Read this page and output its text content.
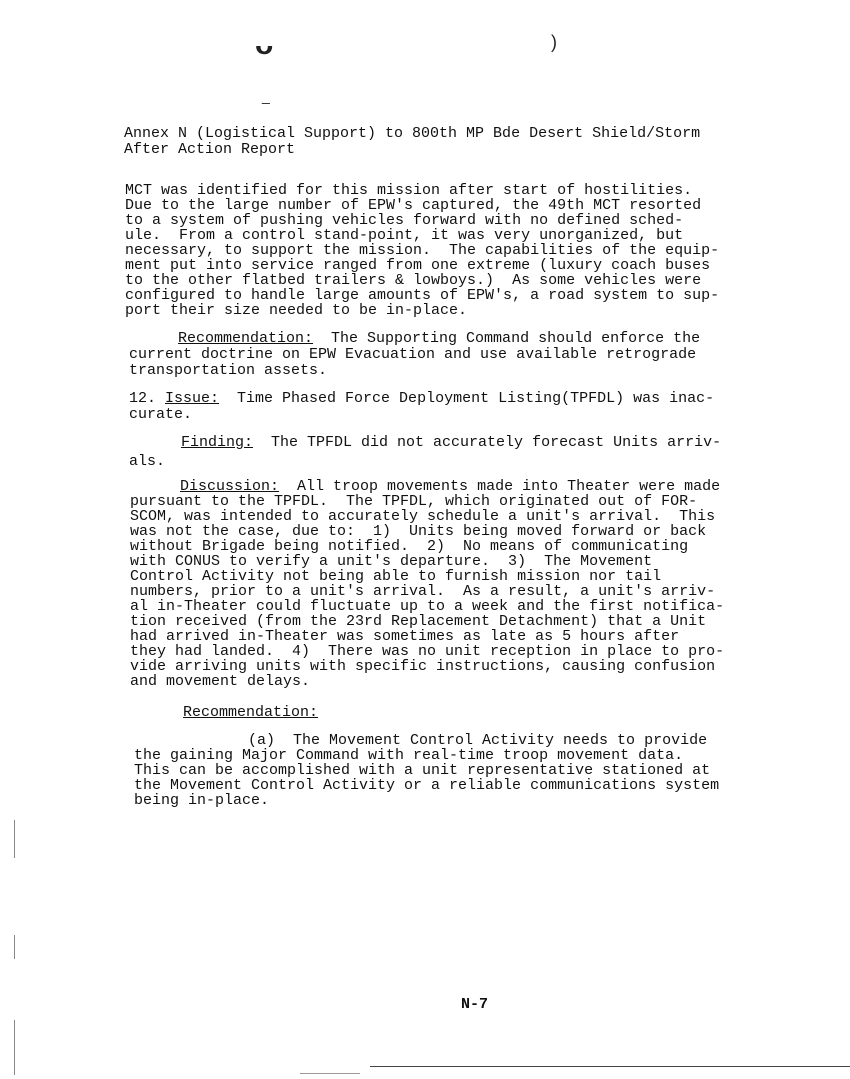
ᴗ	)
_
Annex N (Logistical Support) to 800th MP Bde Desert Shield/Storm
After Action Report
MCT was identified for this mission after start of hostilities.
Due to the large number of EPW's captured, the 49th MCT resorted
to a system of pushing vehicles forward with no defined sched-
ule.  From a control stand-point, it was very unorganized, but
necessary, to support the mission.  The capabilities of the equip-
ment put into service ranged from one extreme (luxury coach buses
to the other flatbed trailers & lowboys.)  As some vehicles were
configured to handle large amounts of EPW's, a road system to sup-
port their size needed to be in-place.
Recommendation:  The Supporting Command should enforce the
current doctrine on EPW Evacuation and use available retrograde
transportation assets.
12. Issue:  Time Phased Force Deployment Listing(TPFDL) was inac-
curate.
Finding:  The TPFDL did not accurately forecast Units arriv-
als.
Discussion:  All troop movements made into Theater were made
pursuant to the TPFDL.  The TPFDL, which originated out of FOR-
SCOM, was intended to accurately schedule a unit's arrival.  This
was not the case, due to:  1)  Units being moved forward or back
without Brigade being notified.  2)  No means of communicating
with CONUS to verify a unit's departure.  3)  The Movement
Control Activity not being able to furnish mission nor tail
numbers, prior to a unit's arrival.  As a result, a unit's arriv-
al in-Theater could fluctuate up to a week and the first notifica-
tion received (from the 23rd Replacement Detachment) that a Unit
had arrived in-Theater was sometimes as late as 5 hours after
they had landed.  4)  There was no unit reception in place to pro-
vide arriving units with specific instructions, causing confusion
and movement delays.
Recommendation:
(a)  The Movement Control Activity needs to provide
the gaining Major Command with real-time troop movement data.
This can be accomplished with a unit representative stationed at
the Movement Control Activity or a reliable communications system
being in-place.
N-7
